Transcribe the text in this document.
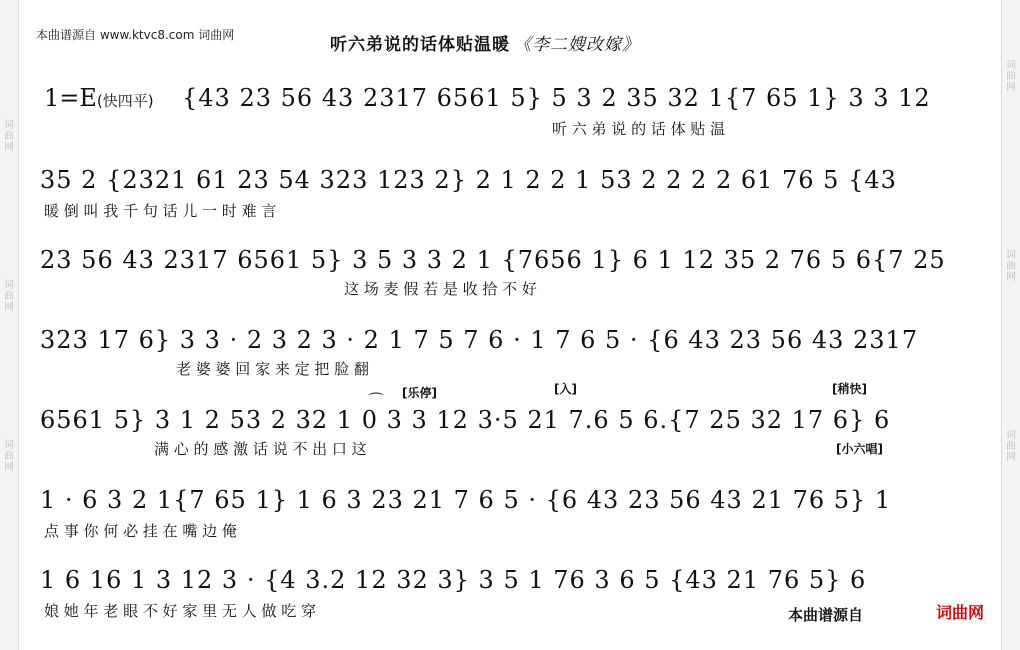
词曲网
词曲网
词曲网
词曲网
词曲网
词曲网
本曲谱源自 www.ktvc8.com 词曲网	听六弟说的话体贴温暖 《李二嫂改嫁》
1=E(快四平) {43 23 56 43 2317 6561 5} 5 3 2 35 32 1{7 65 1} 3 3 12
听 六 弟 说 的 话 体 贴 温
35 2 {2321 61 23 54 323 123 2} 2 1 2 2 1 53 2 2 2 2 61 76 5 {43
暖 倒 叫 我 千 句 话 儿 一 时 难 言
23 56 43 2317 6561 5} 3 5 3 3 2 1 {7656 1} 6 1 12 35 2 76 5 6{7 25
这 场 麦 假 若 是 收 拾 不 好
323 17 6} 3 3 · 2 3 2 3 · 2 1 7 5 7 6 · 1 7 6 5 · {6 43 23 56 43 2317
老 婆 婆 回 家 来 定 把 脸 翻
[乐停]	[入]	[稍快]
⌒
6561 5} 3 1 2 53 2 32 1 0 3 3 12 3·5 21 7.6 5 6.{7 25 32 17 6} 6
满 心 的 感 激 话 说 不 出 口 这	[小六唱]
1 · 6 3 2 1{7 65 1} 1 6 3 23 21 7 6 5 · {6 43 23 56 43 21 76 5} 1
点 事 你 何 必 挂 在 嘴 边 俺
1 6 16 1 3 12 3 · {4 3.2 12 32 3} 3 5 1 76 3 6 5 {43 21 76 5} 6
娘 她 年 老 眼 不 好 家 里 无 人 做 吃 穿	本曲谱源自	词曲网
